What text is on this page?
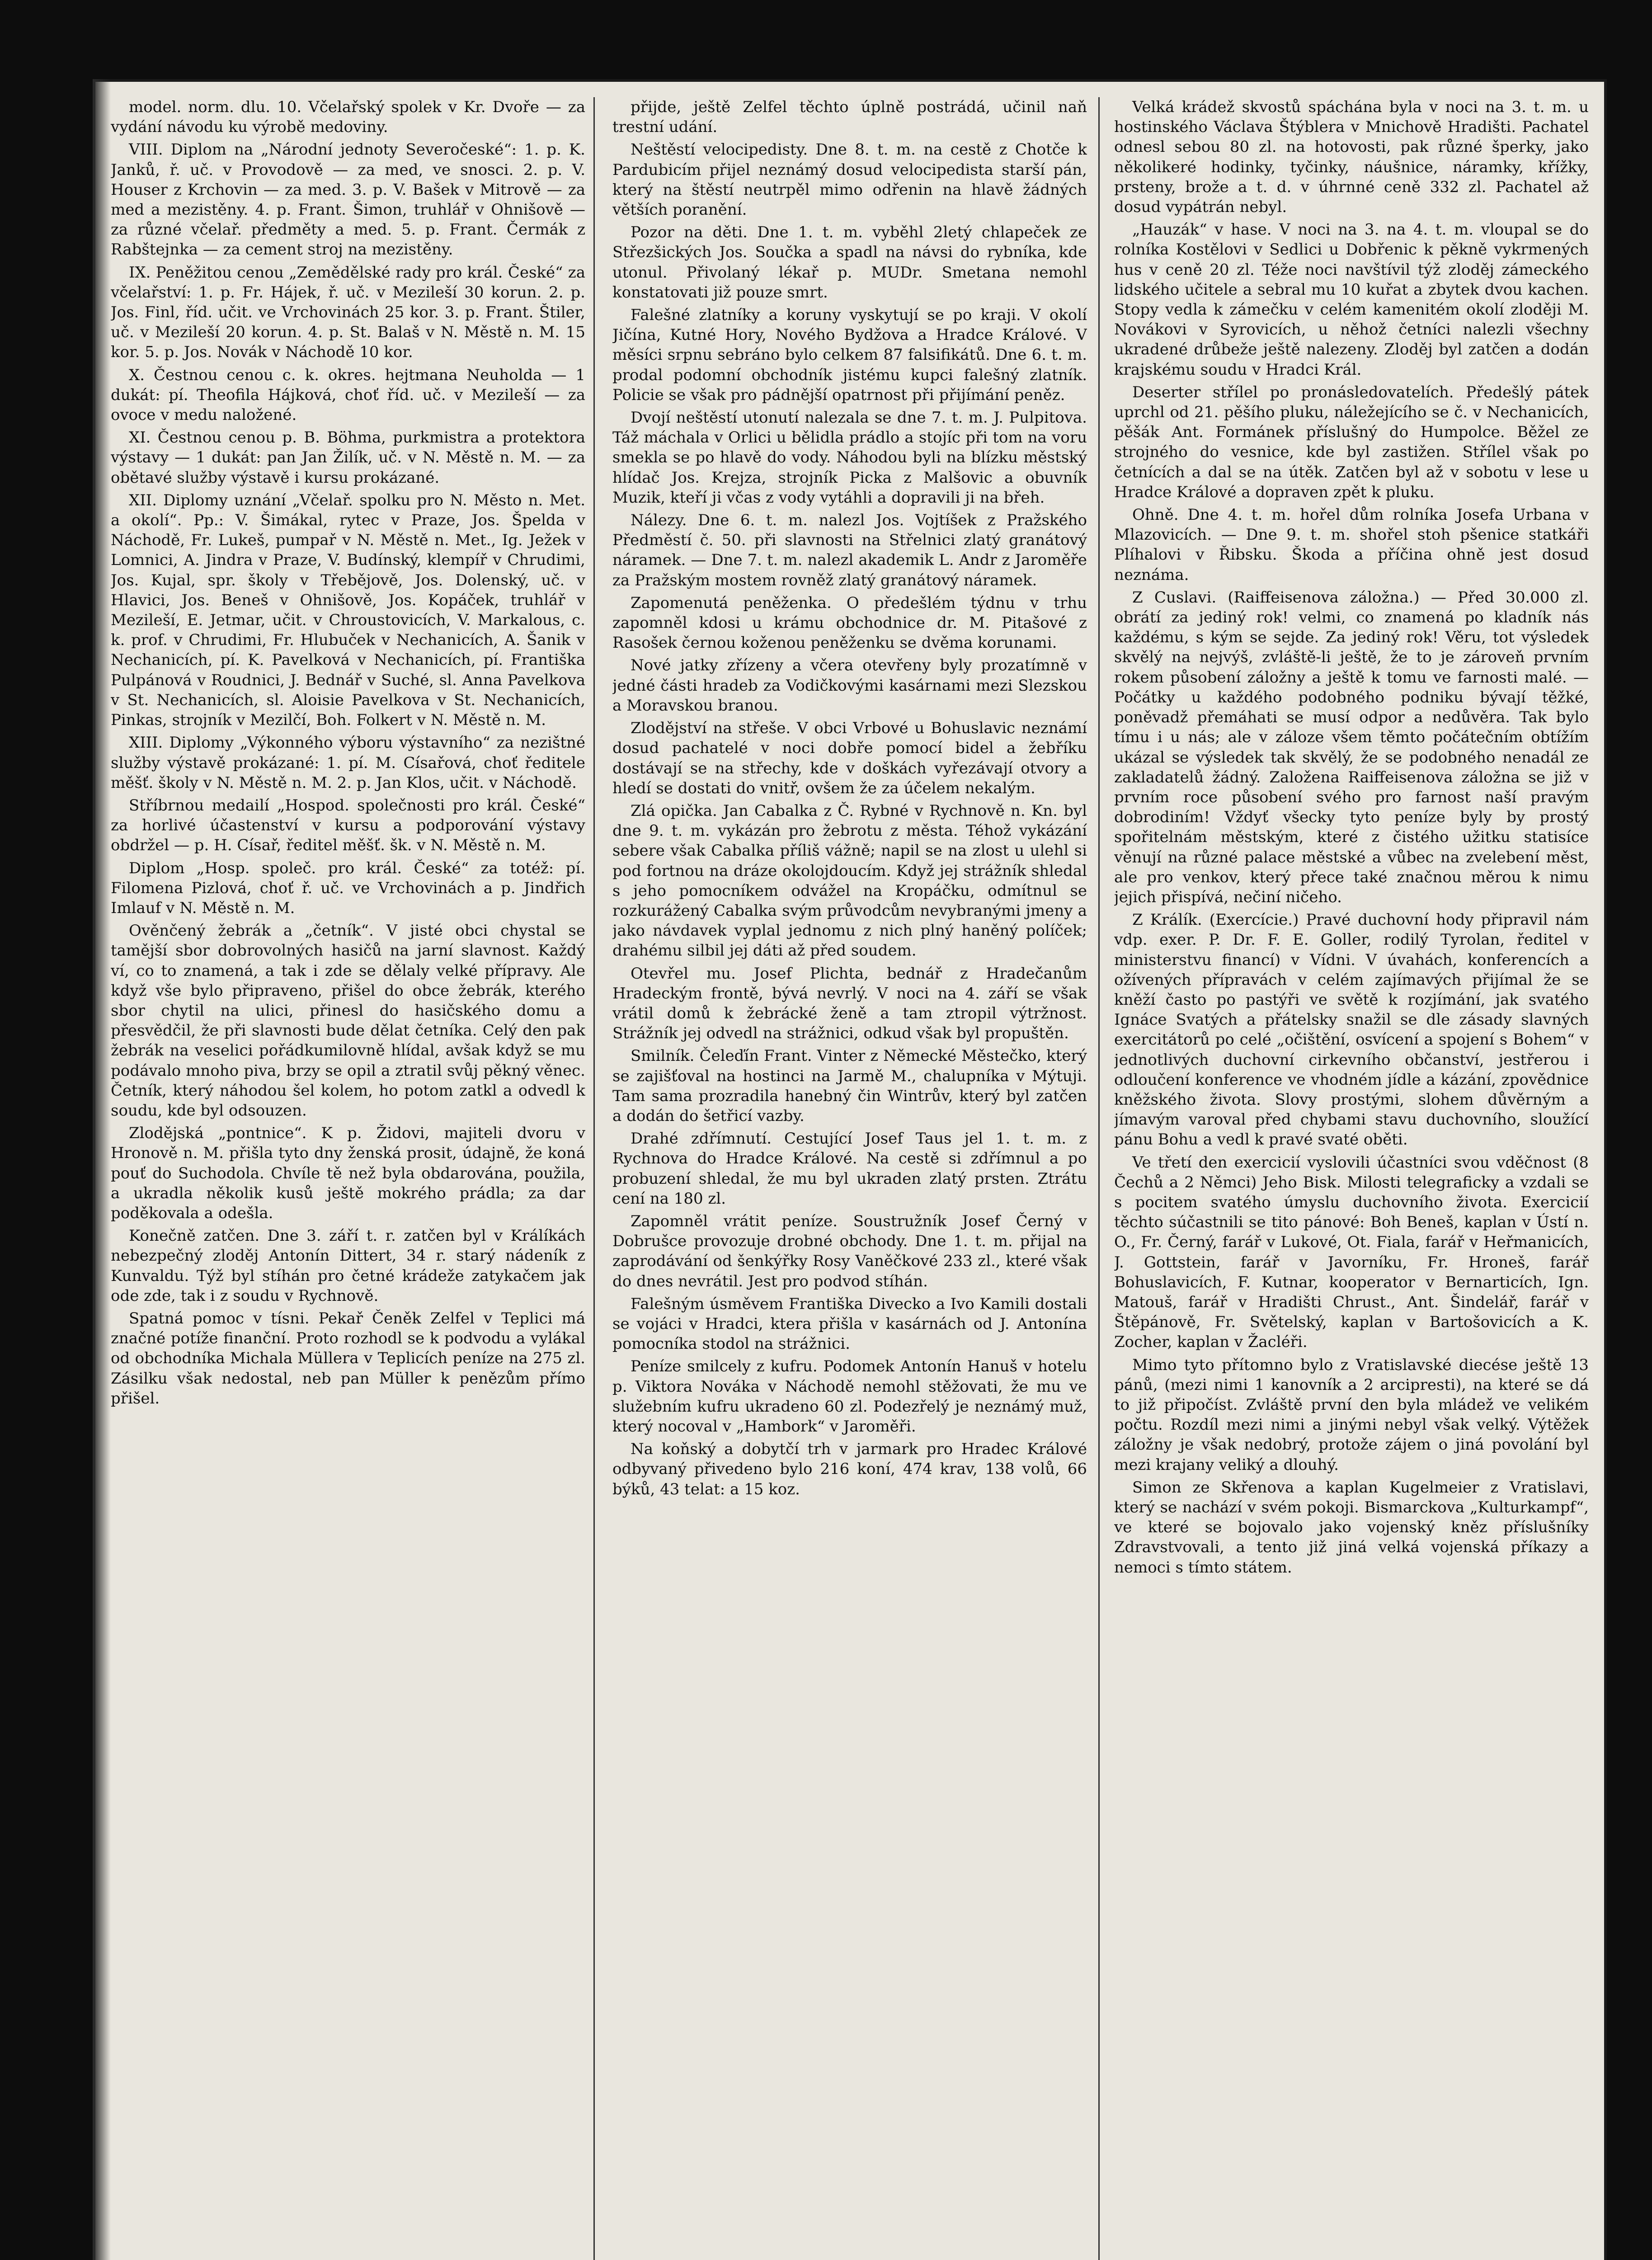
model. norm. dlu. 10. Včelařský spolek v Kr. Dvoře — za vydání návodu ku výrobě medoviny.

VIII. Diplom na „Národní jednoty Severočeské“: 1. p. K. Janků, ř. uč. v Provodově — za med, ve snosci. 2. p. V. Houser z Krchovin — za med. 3. p. V. Bašek v Mitrově — za med a mezistěny. 4. p. Frant. Šimon, truhlář v Ohnišově — za různé včelař. předměty a med. 5. p. Frant. Čermák z Rabštejnka — za cement stroj na mezistěny.

IX. Peněžitou cenou „Zemědělské rady pro král. České“ za včelařství: 1. p. Fr. Hájek, ř. uč. v Mezileší 30 korun. 2. p. Jos. Finl, říd. učit. ve Vrchovinách 25 kor. 3. p. Frant. Štiler, uč. v Mezileší 20 korun. 4. p. St. Balaš v N. Městě n. M. 15 kor. 5. p. Jos. Novák v Náchodě 10 kor.

X. Čestnou cenou c. k. okres. hejtmana Neuholda — 1 dukát: pí. Theofila Hájková, choť říd. uč. v Mezileší — za ovoce v medu naložené.

XI. Čestnou cenou p. B. Böhma, purkmistra a protektora výstavy — 1 dukát: pan Jan Žilík, uč. v N. Městě n. M. — za obětavé služby výstavě i kursu prokázané.

XII. Diplomy uznání „Včelař. spolku pro N. Město n. Met. a okolí“. Pp.: V. Šimákal, rytec v Praze, Jos. Špelda v Náchodě, Fr. Lukeš, pumpař v N. Městě n. Met., Ig. Ježek v Lomnici, A. Jindra v Praze, V. Budínský, klempíř v Chrudimi, Jos. Kujal, spr. školy v Třebějově, Jos. Dolenský, uč. v Hlavici, Jos. Beneš v Ohnišově, Jos. Kopáček, truhlář v Mezileší, E. Jetmar, učit. v Chroustovicích, V. Markalous, c. k. prof. v Chrudimi, Fr. Hlubuček v Nechanicích, A. Šanik v Nechanicích, pí. K. Pavelková v Nechanicích, pí. Františka Pulpánová v Roudnici, J. Bednář v Suché, sl. Anna Pavelkova v St. Nechanicích, sl. Aloisie Pavelkova v St. Nechanicích, Pinkas, strojník v Mezilčí, Boh. Folkert v N. Městě n. M.

XIII. Diplomy „Výkonného výboru výstavního“ za nezištné služby výstavě prokázané: 1. pí. M. Císařová, choť ředitele měšť. školy v N. Městě n. M. 2. p. Jan Klos, učit. v Náchodě.

Stříbrnou medailí „Hospod. společnosti pro král. České“ za horlivé účastenství v kursu a podporování výstavy obdržel — p. H. Císař, ředitel měšť. šk. v N. Městě n. M.

Diplom „Hosp. společ. pro král. České“ za totéž: pí. Filomena Pizlová, choť ř. uč. ve Vrchovinách a p. Jindřich Imlauf v N. Městě n. M.

Ověnčený žebrák a „četník“. V jisté obci chystal se tamější sbor dobrovolných hasičů na jarní slavnost. Každý ví, co to znamená, a tak i zde se dělaly velké přípravy. Ale když vše bylo připraveno, přišel do obce žebrák, kterého sbor chytil na ulici, přinesl do hasičského domu a přesvědčil, že při slavnosti bude dělat četníka. Celý den pak žebrák na veselici pořádkumilovně hlídal, avšak když se mu podávalo mnoho piva, brzy se opil a ztratil svůj pěkný věnec. Četník, který náhodou šel kolem, ho potom zatkl a odvedl k soudu, kde byl odsouzen.

Zlodějská „pontnice“. K p. Židovi, majiteli dvoru v Hronově n. M. přišla tyto dny ženská prosit, údajně, že koná pouť do Suchodola. Chvíle tě než byla obdarována, použila, a ukradla několik kusů ještě mokrého prádla; za dar poděkovala a odešla.

Konečně zatčen. Dne 3. září t. r. zatčen byl v Králíkách nebezpečný zloděj Antonín Dittert, 34 r. starý nádeník z Kunvaldu. Týž byl stíhán pro četné krádeže zatykačem jak ode zde, tak i z soudu v Rychnově.

Spatná pomoc v tísni. Pekař Čeněk Zelfel v Teplici má značné potíže finanční. Proto rozhodl se k podvodu a vylákal od obchodníka Michala Müllera v Teplicích peníze na 275 zl. Zásilku však nedostal, neb pan Müller k penězům přímo přišel.

přijde, ještě Zelfel těchto úplně postrádá, učinil naň trestní udání.

Neštěstí velocipedisty. Dne 8. t. m. na cestě z Chotče k Pardubicím přijel neznámý dosud velocipedista starší pán, který na štěstí neutrpěl mimo odřenin na hlavě žádných větších poranění.

Pozor na děti. Dne 1. t. m. vyběhl 2letý chlapeček ze Střezšických Jos. Součka a spadl na návsi do rybníka, kde utonul. Přivolaný lékař p. MUDr. Smetana nemohl konstatovati již pouze smrt.

Falešné zlatníky a koruny vyskytují se po kraji. V okolí Jičína, Kutné Hory, Nového Bydžova a Hradce Králové. V měsíci srpnu sebráno bylo celkem 87 falsifikátů. Dne 6. t. m. prodal podomní obchodník jistému kupci falešný zlatník. Policie se však pro pádnější opatrnost při přijímání peněz.

Dvojí neštěstí utonutí nalezala se dne 7. t. m. J. Pulpitova. Táž máchala v Orlici u bělidla prádlo a stojíc při tom na voru smekla se po hlavě do vody. Náhodou byli na blízku městský hlídač Jos. Krejza, strojník Picka z Malšovic a obuvník Muzik, kteří ji včas z vody vytáhli a dopravili ji na břeh.

Nálezy. Dne 6. t. m. nalezl Jos. Vojtíšek z Pražského Předměstí č. 50. při slavnosti na Střelnici zlatý granátový náramek. — Dne 7. t. m. nalezl akademik L. Andr z Jaroměře za Pražským mostem rovněž zlatý granátový náramek.

Zapomenutá peněženka. O předešlém týdnu v trhu zapomněl kdosi u krámu obchodnice dr. M. Pitašové z Rasošek černou koženou peněženku se dvěma korunami.

Nové jatky zřízeny a včera otevřeny byly prozatímně v jedné části hradeb za Vodičkovými kasárnami mezi Slezskou a Moravskou branou.

Zlodějství na střeše. V obci Vrbové u Bohuslavic neznámí dosud pachatelé v noci dobře pomocí bidel a žebříku dostávají se na střechy, kde v doškách vyřezávají otvory a hledí se dostati do vnitř, ovšem že za účelem nekalým.

Zlá opička. Jan Cabalka z Č. Rybné v Rychnově n. Kn. byl dne 9. t. m. vykázán pro žebrotu z města. Téhož vykázání sebere však Cabalka příliš vážně; napil se na zlost u ulehl si pod fortnou na dráze okolojdoucím. Když jej strážník shledal s jeho pomocníkem odvážel na Kropáčku, odmítnul se rozkurážený Cabalka svým průvodcům nevybranými jmeny a jako návdavek vyplal jednomu z nich plný haněný políček; drahému silbil jej dáti až před soudem.

Otevřel mu. Josef Plichta, bednář z Hradečanům Hradeckým frontě, bývá nevrlý. V noci na 4. září se však vrátil domů k žebrácké ženě a tam ztropil výtržnost. Strážník jej odvedl na strážnici, odkud však byl propuštěn.

Smilník. Čeleďín Frant. Vinter z Německé Městečko, který se zajišťoval na hostinci na Jarmě M., chalupníka v Mýtuji. Tam sama prozradila hanebný čin Wintrův, který byl zatčen a dodán do šetřicí vazby.

Drahé zdřímnutí. Cestující Josef Taus jel 1. t. m. z Rychnova do Hradce Králové. Na cestě si zdřímnul a po probuzení shledal, že mu byl ukraden zlatý prsten. Ztrátu cení na 180 zl.

Zapomněl vrátit peníze. Soustružník Josef Černý v Dobrušce provozuje drobné obchody. Dne 1. t. m. přijal na zaprodávání od šenkýřky Rosy Vaněčkové 233 zl., které však do dnes nevrátil. Jest pro podvod stíhán.

Falešným úsměvem Františka Divecko a Ivo Kamili dostali se vojáci v Hradci, ktera přišla v kasárnách od J. Antonína pomocníka stodol na strážnici.

Peníze smilcely z kufru. Podomek Antonín Hanuš v hotelu p. Viktora Nováka v Náchodě nemohl stěžovati, že mu ve služebním kufru ukradeno 60 zl. Podezřelý je neznámý muž, který nocoval v „Hambork“ v Jaroměři.

Na koňský a dobytčí trh v jarmark pro Hradec Králové odbyvaný přivedeno bylo 216 koní, 474 krav, 138 volů, 66 býků, 43 telat: a 15 koz.

Velká krádež skvostů spáchána byla v noci na 3. t. m. u hostinského Václava Štýblera v Mnichově Hradišti. Pachatel odnesl sebou 80 zl. na hotovosti, pak různé šperky, jako několikeré hodinky, tyčinky, náušnice, náramky, křížky, prsteny, brože a t. d. v úhrnné ceně 332 zl. Pachatel až dosud vypátrán nebyl.

„Hauzák“ v hase. V noci na 3. na 4. t. m. vloupal se do rolníka Kostělovi v Sedlici u Dobřenic k pěkně vykrmených hus v ceně 20 zl. Téže noci navštívil týž zloděj zámeckého lidského učitele a sebral mu 10 kuřat a zbytek dvou kachen. Stopy vedla k zámečku v celém kamenitém okolí zloději M. Novákovi v Syrovicích, u něhož četníci nalezli všechny ukradené drůbeže ještě nalezeny. Zloděj byl zatčen a dodán krajskému soudu v Hradci Král.

Deserter střílel po pronásledovatelích. Předešlý pátek uprchl od 21. pěšího pluku, náležejícího se č. v Nechanicích, pěšák Ant. Formánek příslušný do Humpolce. Běžel ze strojného do vesnice, kde byl zastižen. Střílel však po četnících a dal se na útěk. Zatčen byl až v sobotu v lese u Hradce Králové a dopraven zpět k pluku.

Ohně. Dne 4. t. m. hořel dům rolníka Josefa Urbana v Mlazovicích. — Dne 9. t. m. shořel stoh pšenice statkáři Plíhalovi v Řibsku. Škoda a příčina ohně jest dosud neznáma.

Z Cuslavi. (Raiffeisenova záložna.) — Před 30.000 zl. obrátí za jediný rok! velmi, co znamená po kladník nás každému, s kým se sejde. Za jediný rok! Věru, tot výsledek skvělý na nejvýš, zvláště-li ještě, že to je zároveň prvním rokem působení záložny a ještě k tomu ve farnosti malé. — Počátky u každého podobného podniku bývají těžké, poněvadž přemáhati se musí odpor a nedůvěra. Tak bylo tímu i u nás; ale v záloze všem těmto počátečním obtížím ukázal se výsledek tak skvělý, že se podobného nenadál ze zakladatelů žádný. Založena Raiffeisenova záložna se již v prvním roce působení svého pro farnost naší pravým dobrodiním! Vždyť všecky tyto peníze byly by prostý spořitelnám městským, které z čistého užitku statisíce věnují na různé palace městské a vůbec na zvelebení měst, ale pro venkov, který přece také značnou měrou k nimu jejich přispívá, nečiní ničeho.

Z Králík. (Exercície.) Pravé duchovní hody připravil nám vdp. exer. P. Dr. F. E. Goller, rodilý Tyrolan, ředitel v ministerstvu financí) v Vídni. V úvahách, konferencích a ožívených přípravách v celém zajímavých přijímal že se kněží často po pastýři ve světě k rozjímání, jak svatého Ignáce Svatých a přátelsky snažil se dle zásady slavných exercitátorů po celé „očištění, osvícení a spojení s Bohem“ v jednotlivých duchovní cirkevního občanství, jestřerou i odloučení konference ve vhodném jídle a kázání, zpovědnice kněžského života. Slovy prostými, slohem důvěrným a jímavým varoval před chybami stavu duchovního, sloužící pánu Bohu a vedl k pravé svaté oběti.

Ve třetí den exercicií vyslovili účastníci svou vděčnost (8 Čechů a 2 Němci) Jeho Bisk. Milosti telegraficky a vzdali se s pocitem svatého úmyslu duchovního života. Exercicií těchto súčastnili se tito pánové: Boh Beneš, kaplan v Ústí n. O., Fr. Černý, farář v Lukové, Ot. Fiala, farář v Heřmanicích, J. Gottstein, farář v Javorníku, Fr. Hroneš, farář Bohuslavicích, F. Kutnar, kooperator v Bernarticích, Ign. Matouš, farář v Hradišti Chrust., Ant. Šindelář, farář v Štěpánově, Fr. Světelský, kaplan v Bartošovicích a K. Zocher, kaplan v Žacléři.

Mimo tyto přítomno bylo z Vratislavské diecése ještě 13 pánů, (mezi nimi 1 kanovník a 2 arcipresti), na které se dá to již připočíst. Zvláště první den byla mládež ve velikém počtu. Rozdíl mezi nimi a jinými nebyl však velký. Výtěžek záložny je však nedobrý, protože zájem o jiná povolání byl mezi krajany veliký a dlouhý.

Simon ze Skřenova a kaplan Kugelmeier z Vratislavi, který se nachází v svém pokoji. Bismarckova „Kulturkampf“, ve které se bojovalo jako vojenský kněz příslušníky Zdravstvovali, a tento již jiná velká vojenská příkazy a nemoci s tímto státem.
